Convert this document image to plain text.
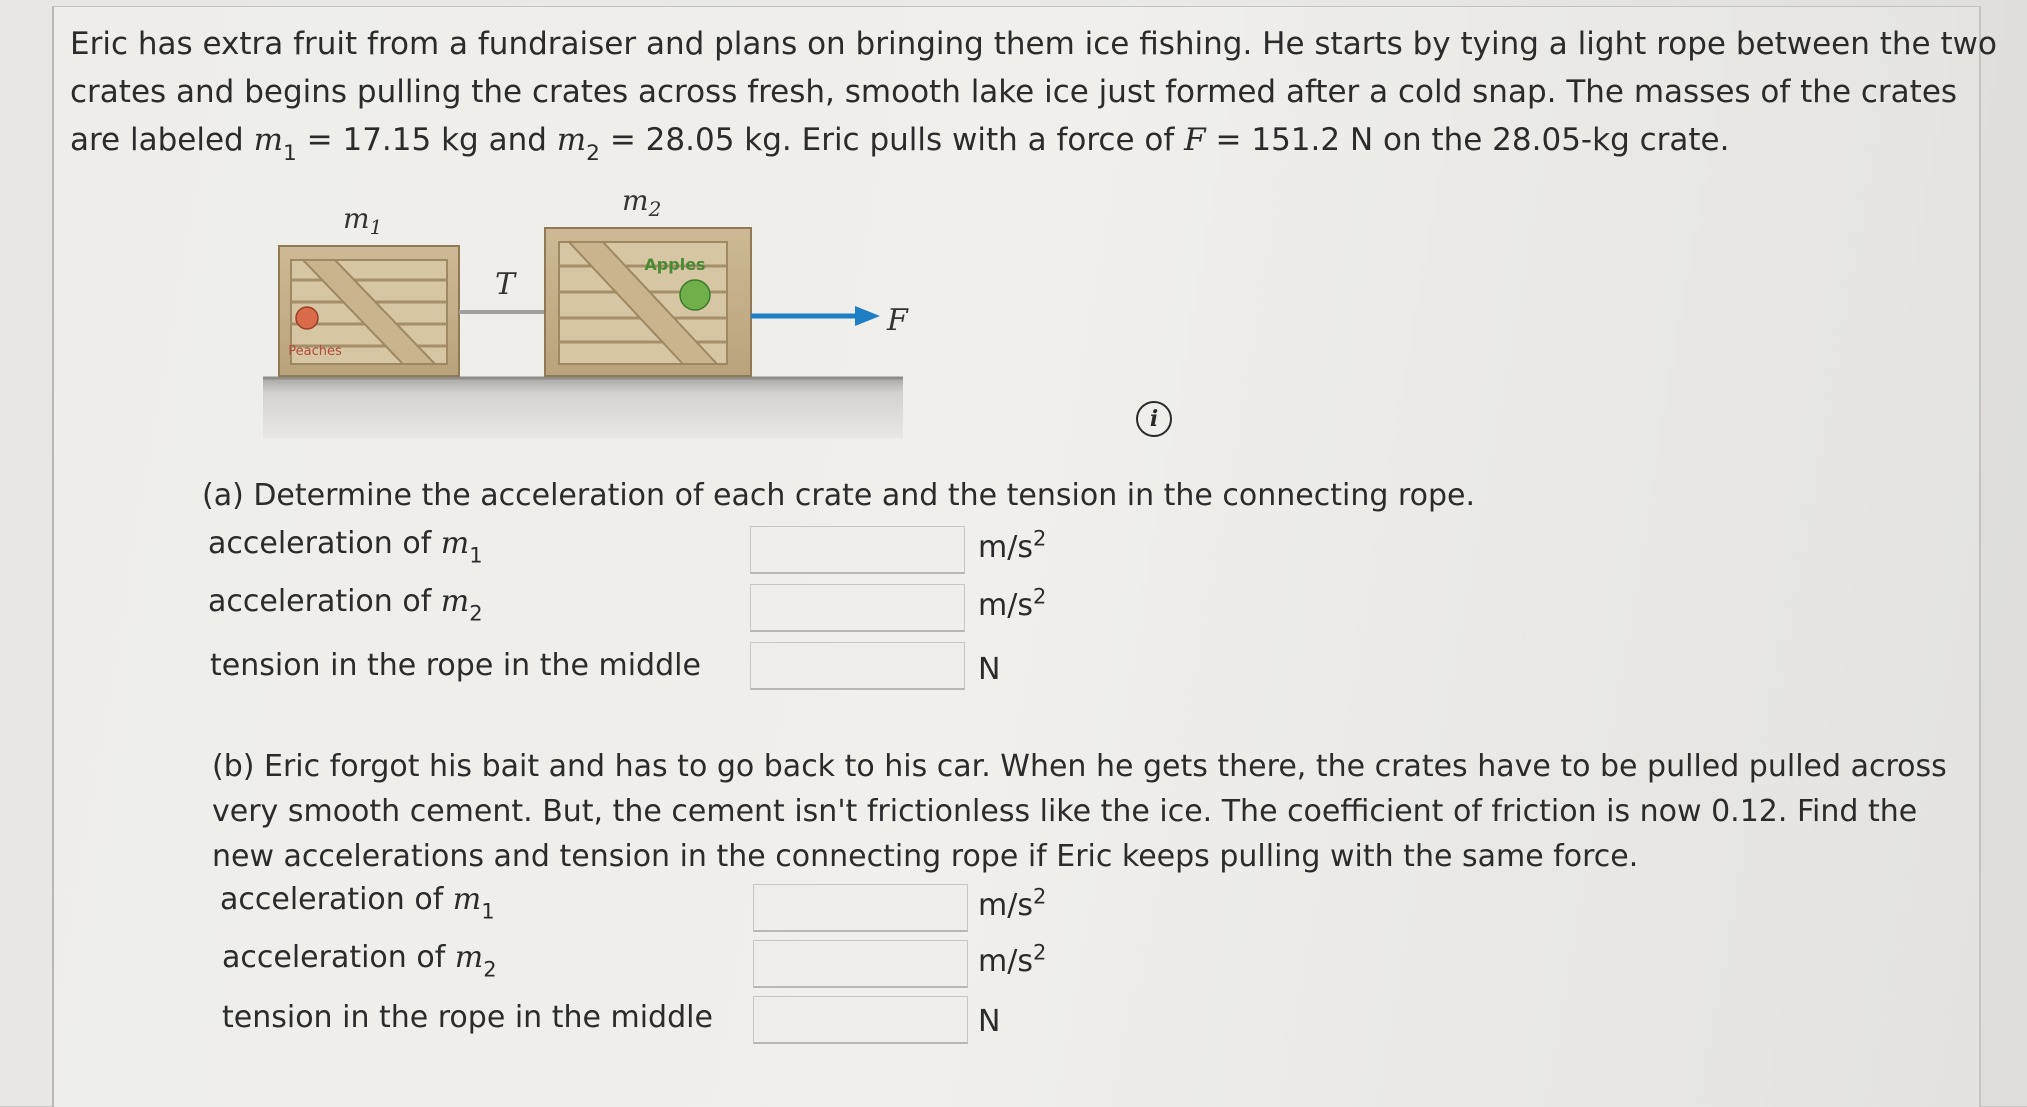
Eric has extra fruit from a fundraiser and plans on bringing them ice fishing. He starts by tying a light rope between the two
crates and begins pulling the crates across fresh, smooth lake ice just formed after a cold snap. The masses of the crates
are labeled $m_1 = 17.15$ kg and $m_2 = 28.05$ kg. Eric pulls with a force of F = 151.2 N on the 28.05-kg crate.
$m_1$
$m_2$
Peaches
T
Apples
F
i
(a) Determine the acceleration of each crate and the tension in the connecting rope.
acceleration of $m_1$	$m/s^2$
acceleration of $m_2$	$m/s^2$
tension in the rope in the middle	N
(b) Eric forgot his bait and has to go back to his car. When he gets there, the crates have to be pulled pulled across
very smooth cement. But, the cement isn't frictionless like the ice. The coefficient of friction is now 0.12. Find the
new accelerations and tension in the connecting rope if Eric keeps pulling with the same force.
acceleration of $m_1$	$m/s^2$
acceleration of $m_2$	$m/s^2$
tension in the rope in the middle	N
